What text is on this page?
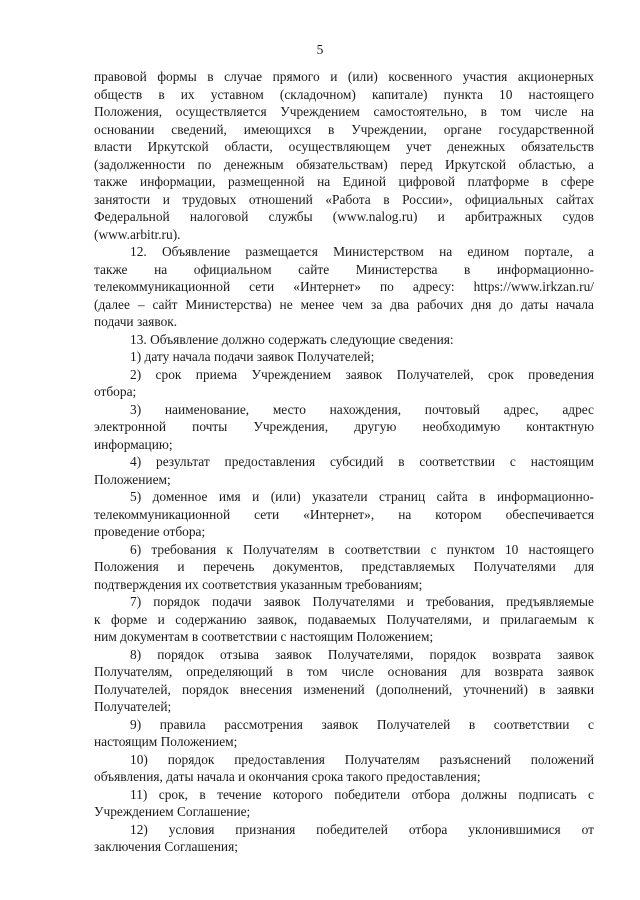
5
правовой формы в случае прямого и (или) косвенного участия акционерных
обществ в их уставном (складочном) капитале) пункта 10 настоящего
Положения, осуществляется Учреждением самостоятельно, в том числе на
основании сведений, имеющихся в Учреждении, органе государственной
власти Иркутской области, осуществляющем учет денежных обязательств
(задолженности по денежным обязательствам) перед Иркутской областью, а
также информации, размещенной на Единой цифровой платформе в сфере
занятости и трудовых отношений «Работа в России», официальных сайтах
Федеральной налоговой службы (www.nalog.ru) и арбитражных судов
(www.arbitr.ru).
12. Объявление размещается Министерством на едином портале, а
также на официальном сайте Министерства в информационно-
телекоммуникационной сети «Интернет» по адресу: https://www.irkzan.ru/
(далее – сайт Министерства) не менее чем за два рабочих дня до даты начала
подачи заявок.
13. Объявление должно содержать следующие сведения:
1) дату начала подачи заявок Получателей;
2) срок приема Учреждением заявок Получателей, срок проведения
отбора;
3) наименование, место нахождения, почтовый адрес, адрес
электронной почты Учреждения, другую необходимую контактную
информацию;
4) результат предоставления субсидий в соответствии с настоящим
Положением;
5) доменное имя и (или) указатели страниц сайта в информационно-
телекоммуникационной сети «Интернет», на котором обеспечивается
проведение отбора;
6) требования к Получателям в соответствии с пунктом 10 настоящего
Положения и перечень документов, представляемых Получателями для
подтверждения их соответствия указанным требованиям;
7) порядок подачи заявок Получателями и требования, предъявляемые
к форме и содержанию заявок, подаваемых Получателями, и прилагаемым к
ним документам в соответствии с настоящим Положением;
8) порядок отзыва заявок Получателями, порядок возврата заявок
Получателям, определяющий в том числе основания для возврата заявок
Получателей, порядок внесения изменений (дополнений, уточнений) в заявки
Получателей;
9) правила рассмотрения заявок Получателей в соответствии с
настоящим Положением;
10) порядок предоставления Получателям разъяснений положений
объявления, даты начала и окончания срока такого предоставления;
11) срок, в течение которого победители отбора должны подписать с
Учреждением Соглашение;
12) условия признания победителей отбора уклонившимися от
заключения Соглашения;
